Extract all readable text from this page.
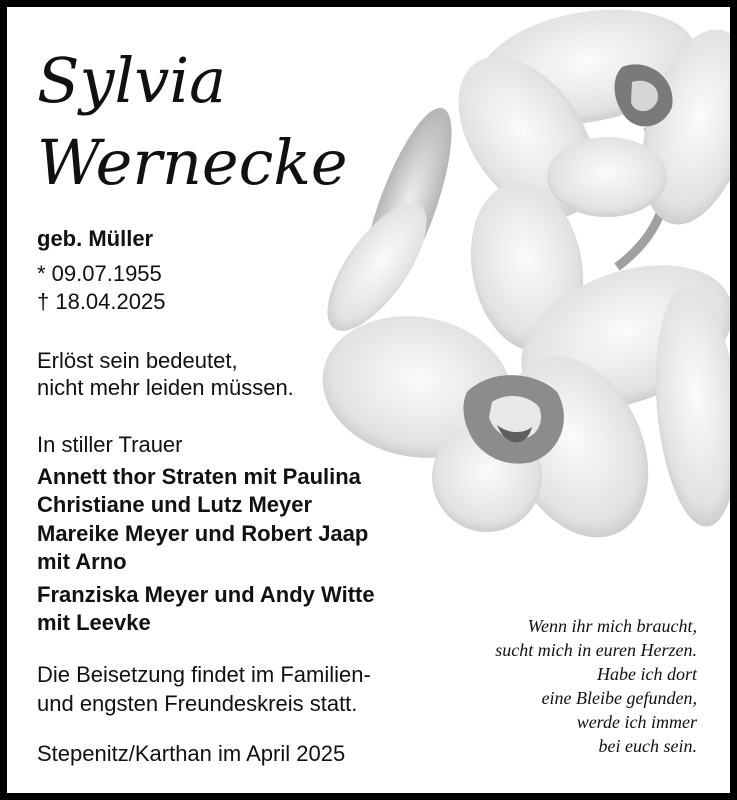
Sylvia
Wernecke
geb. Müller
* 09.07.1955
† 18.04.2025
Erlöst sein bedeutet,
nicht mehr leiden müssen.
In stiller Trauer
Annett thor Straten mit Paulina
Christiane und Lutz Meyer
Mareike Meyer und Robert Jaap
mit Arno
Franziska Meyer und Andy Witte
mit Leevke
Die Beisetzung findet im Familien-
und engsten Freundeskreis statt.
Stepenitz/Karthan im April 2025
Wenn ihr mich braucht,
sucht mich in euren Herzen.
Habe ich dort
eine Bleibe gefunden,
werde ich immer
bei euch sein.
